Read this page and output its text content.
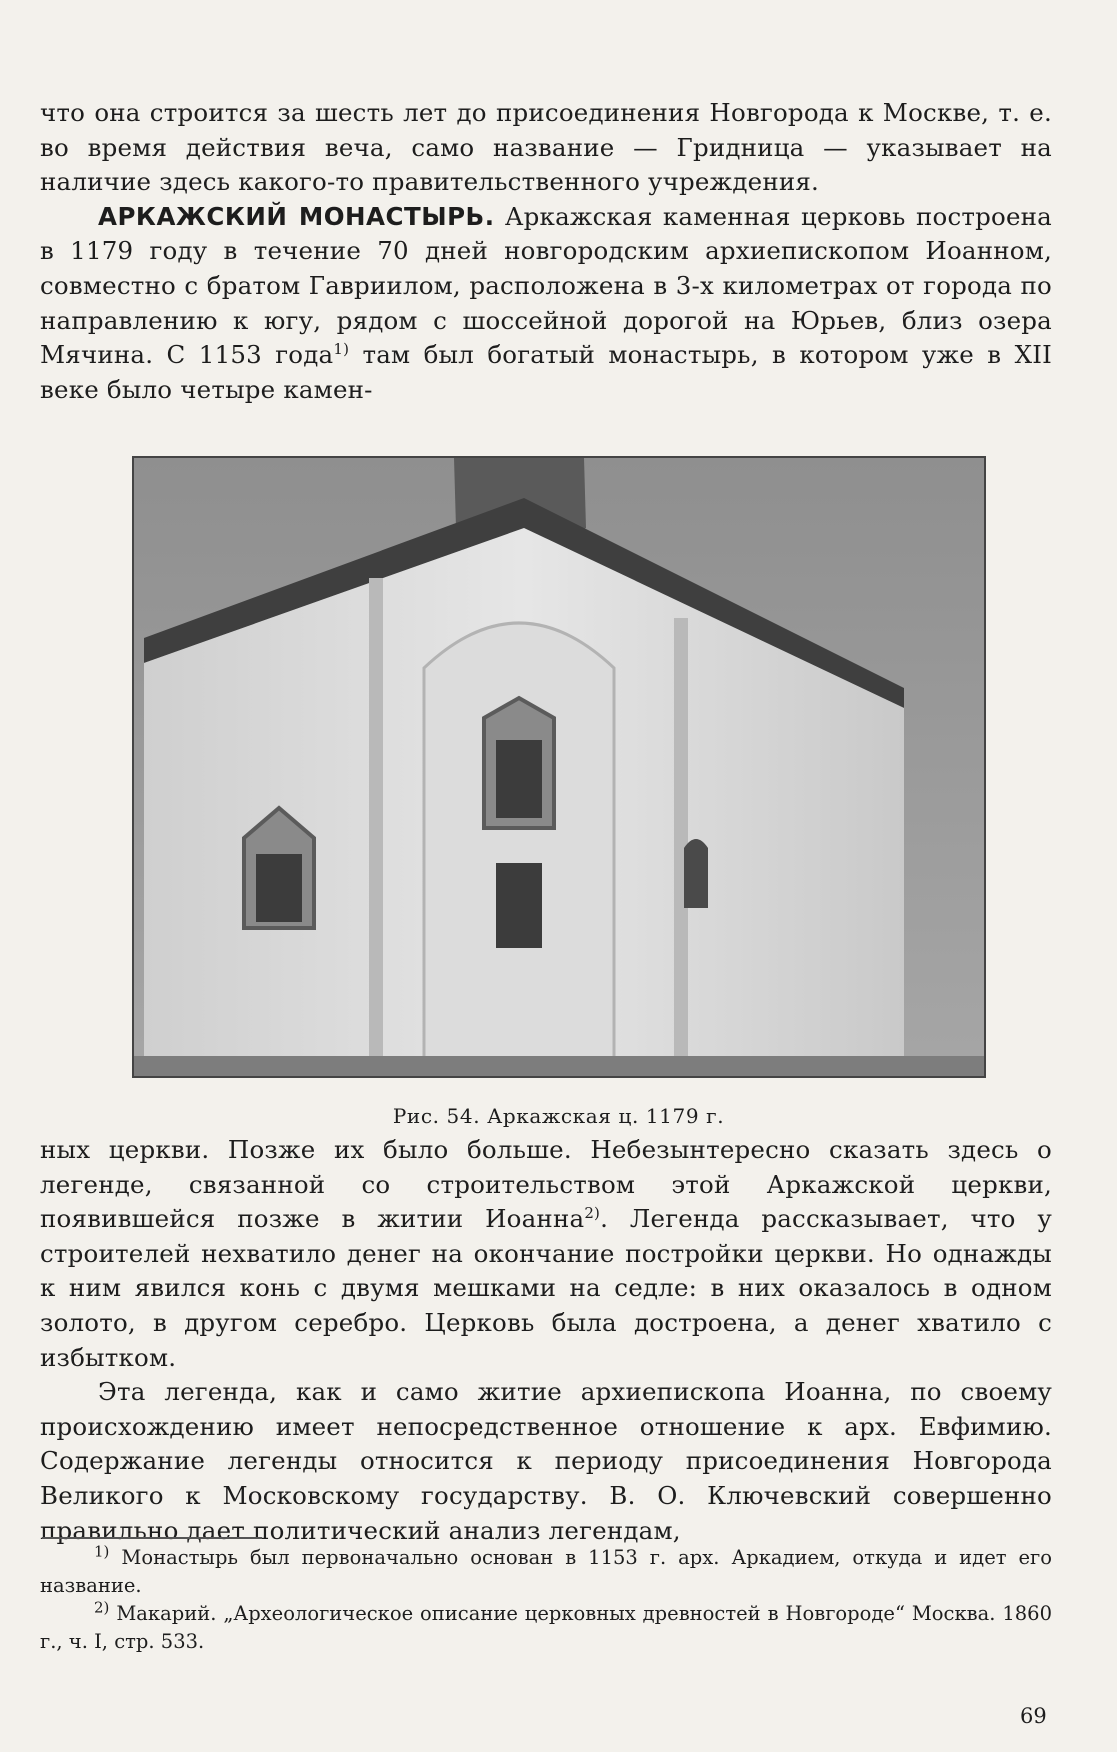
что она строится за шесть лет до присоединения Новгорода к Москве, т. е. во время действия веча, само название — Гридница — указывает на наличие здесь какого-то правительственного учреждения.

АРКАЖСКИЙ МОНАСТЫРЬ. Аркажская каменная церковь построена в 1179 году в течение 70 дней новгородским архиепископом Иоанном, совместно с братом Гавриилом, расположена в 3-х километрах от города по направлению к югу, рядом с шоссейной дорогой на Юрьев, близ озера Мячина. С 1153 года$^{1)}$ там был богатый монастырь, в котором уже в XII веке было четыре камен-

Рис. 54. Аркажская ц. 1179 г.

ных церкви. Позже их было больше. Небезынтересно сказать здесь о легенде, связанной со строительством этой Аркажской церкви, появившейся позже в житии Иоанна$^{2)}$. Легенда рассказывает, что у строителей нехватило денег на окончание постройки церкви. Но однажды к ним явился конь с двумя мешками на седле: в них оказалось в одном золото, в другом серебро. Церковь была достроена, а денег хватило с избытком.

Эта легенда, как и само житие архиепископа Иоанна, по своему происхождению имеет непосредственное отношение к арх. Евфимию. Содержание легенды относится к периоду присоединения Новгорода Великого к Московскому государству. В. О. Ключевский совершенно правильно дает политический анализ легендам,

$^{1)}$ Монастырь был первоначально основан в 1153 г. арх. Аркадием, откуда и идет его название.

$^{2)}$ Макарий. „Археологическое описание церковных древностей в Новгороде“ Москва. 1860 г., ч. I, стр. 533.

69
